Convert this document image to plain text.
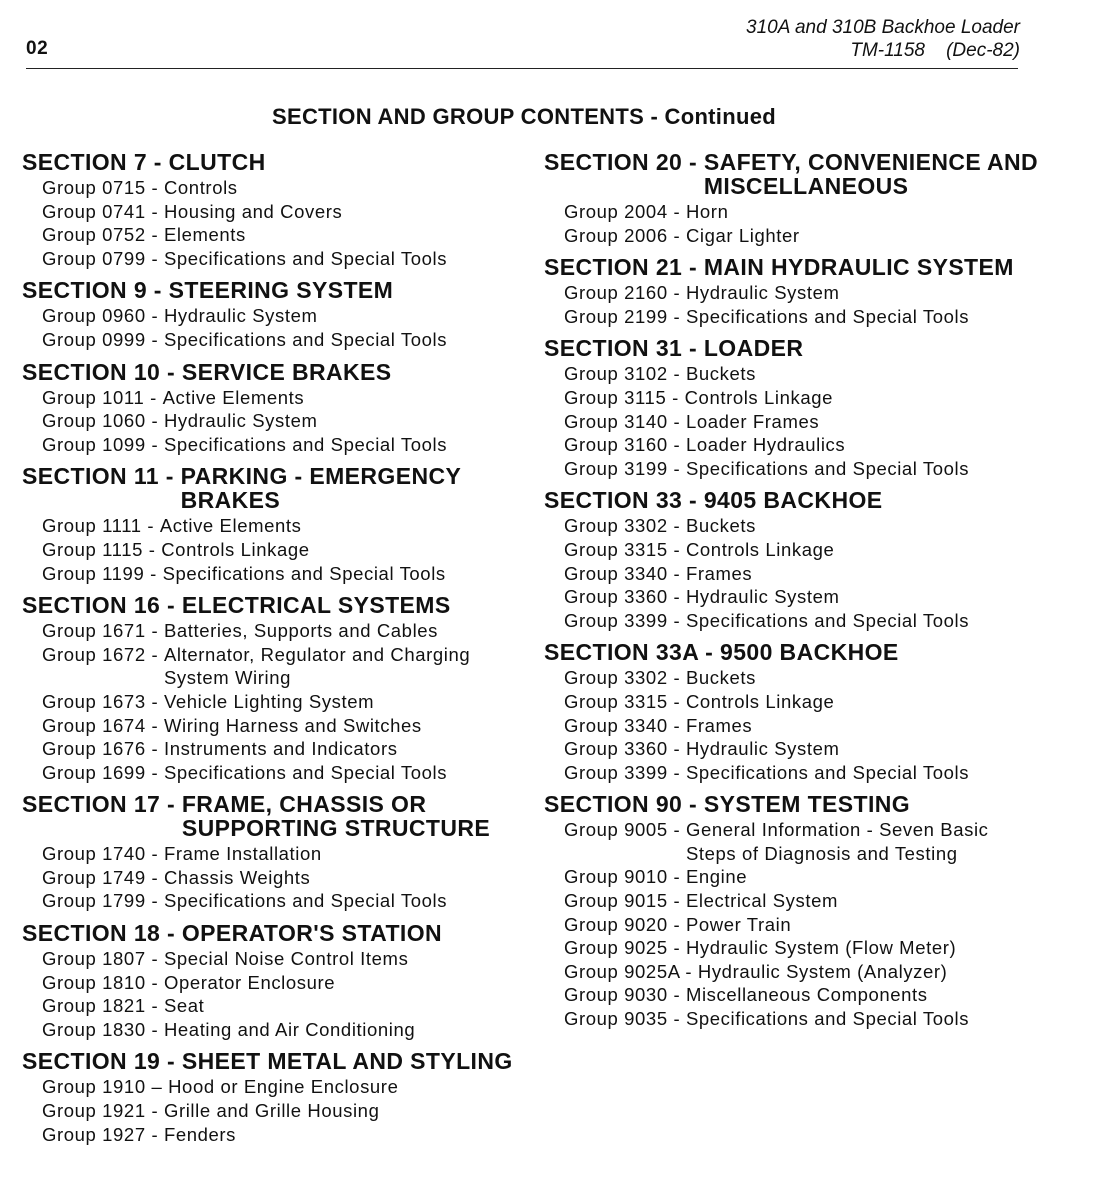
02
310A and 310B Backhoe Loader
TM-1158    (Dec-82)
SECTION AND GROUP CONTENTS - Continued
SECTION 7 - CLUTCH
Group 0715 - Controls
Group 0741 - Housing and Covers
Group 0752 - Elements
Group 0799 - Specifications and Special Tools
SECTION 9 - STEERING SYSTEM
Group 0960 - Hydraulic System
Group 0999 - Specifications and Special Tools
SECTION 10 - SERVICE BRAKES
Group 1011 - Active Elements
Group 1060 - Hydraulic System
Group 1099 - Specifications and Special Tools
SECTION 11 - PARKING - EMERGENCY BRAKES
Group 1111 - Active Elements
Group 1115 - Controls Linkage
Group 1199 - Specifications and Special Tools
SECTION 16 - ELECTRICAL SYSTEMS
Group 1671 - Batteries, Supports and Cables
Group 1672 - Alternator, Regulator and Charging System Wiring
Group 1673 - Vehicle Lighting System
Group 1674 - Wiring Harness and Switches
Group 1676 - Instruments and Indicators
Group 1699 - Specifications and Special Tools
SECTION 17 - FRAME, CHASSIS OR SUPPORTING STRUCTURE
Group 1740 - Frame Installation
Group 1749 - Chassis Weights
Group 1799 - Specifications and Special Tools
SECTION 18 - OPERATOR'S STATION
Group 1807 - Special Noise Control Items
Group 1810 - Operator Enclosure
Group 1821 - Seat
Group 1830 - Heating and Air Conditioning
SECTION 19 - SHEET METAL AND STYLING
Group 1910 – Hood or Engine Enclosure
Group 1921 - Grille and Grille Housing
Group 1927 - Fenders
SECTION 20 - SAFETY, CONVENIENCE AND MISCELLANEOUS
Group 2004 - Horn
Group 2006 - Cigar Lighter
SECTION 21 - MAIN HYDRAULIC SYSTEM
Group 2160 - Hydraulic System
Group 2199 - Specifications and Special Tools
SECTION 31 - LOADER
Group 3102 - Buckets
Group 3115 - Controls Linkage
Group 3140 - Loader Frames
Group 3160 - Loader Hydraulics
Group 3199 - Specifications and Special Tools
SECTION 33 - 9405 BACKHOE
Group 3302 - Buckets
Group 3315 - Controls Linkage
Group 3340 - Frames
Group 3360 - Hydraulic System
Group 3399 - Specifications and Special Tools
SECTION 33A - 9500 BACKHOE
Group 3302 - Buckets
Group 3315 - Controls Linkage
Group 3340 - Frames
Group 3360 - Hydraulic System
Group 3399 - Specifications and Special Tools
SECTION 90 - SYSTEM TESTING
Group 9005 - General Information - Seven Basic Steps of Diagnosis and Testing
Group 9010 - Engine
Group 9015 - Electrical System
Group 9020 - Power Train
Group 9025 - Hydraulic System (Flow Meter)
Group 9025A - Hydraulic System (Analyzer)
Group 9030 - Miscellaneous Components
Group 9035 - Specifications and Special Tools
